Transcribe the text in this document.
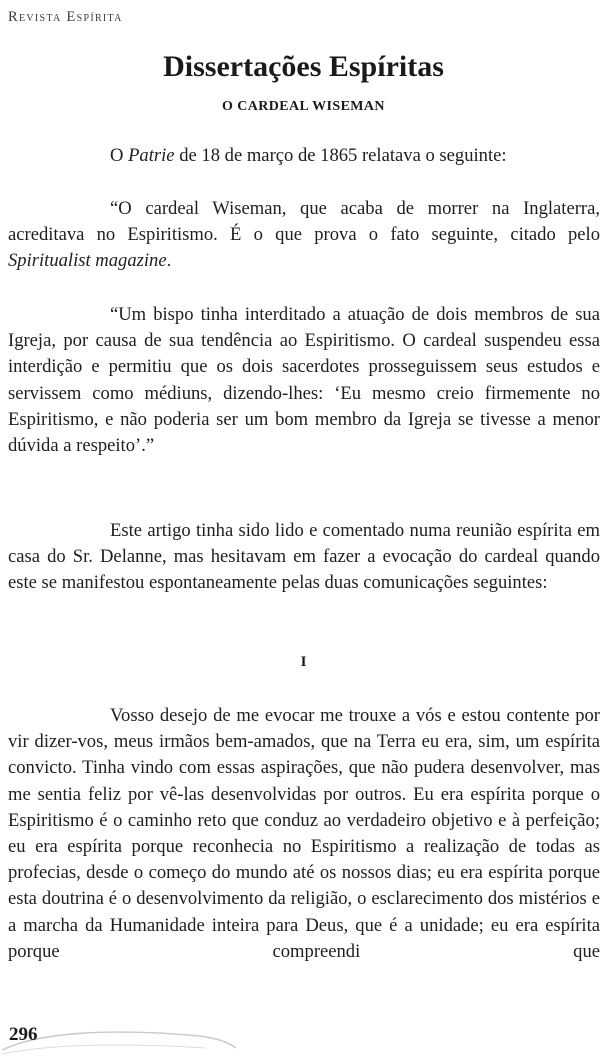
Revista Espírita
Dissertações Espíritas
O CARDEAL WISEMAN

O Patrie de 18 de março de 1865 relatava o seguinte:

“O cardeal Wiseman, que acaba de morrer na Inglaterra, acreditava no Espiritismo. É o que prova o fato seguinte, citado pelo Spiritualist magazine.

“Um bispo tinha interditado a atuação de dois membros de sua Igreja, por causa de sua tendência ao Espiritismo. O cardeal suspendeu essa interdição e permitiu que os dois sacerdotes prosseguissem seus estudos e servissem como médiuns, dizendo-lhes: ‘Eu mesmo creio firmemente no Espiritismo, e não poderia ser um bom membro da Igreja se tivesse a menor dúvida a respeito’.”

Este artigo tinha sido lido e comentado numa reunião espírita em casa do Sr. Delanne, mas hesitavam em fazer a evocação do cardeal quando este se manifestou espontaneamente pelas duas comunicações seguintes:

I

Vosso desejo de me evocar me trouxe a vós e estou contente por vir dizer-vos, meus irmãos bem-amados, que na Terra eu era, sim, um espírita convicto. Tinha vindo com essas aspirações, que não pudera desenvolver, mas me sentia feliz por vê-las desenvolvidas por outros. Eu era espírita porque o Espiritismo é o caminho reto que conduz ao verdadeiro objetivo e à perfeição; eu era espírita porque reconhecia no Espiritismo a realização de todas as profecias, desde o começo do mundo até os nossos dias; eu era espírita porque esta doutrina é o desenvolvimento da religião, o esclarecimento dos mistérios e a marcha da Humanidade inteira para Deus, que é a unidade; eu era espírita porque compreendi que

296
